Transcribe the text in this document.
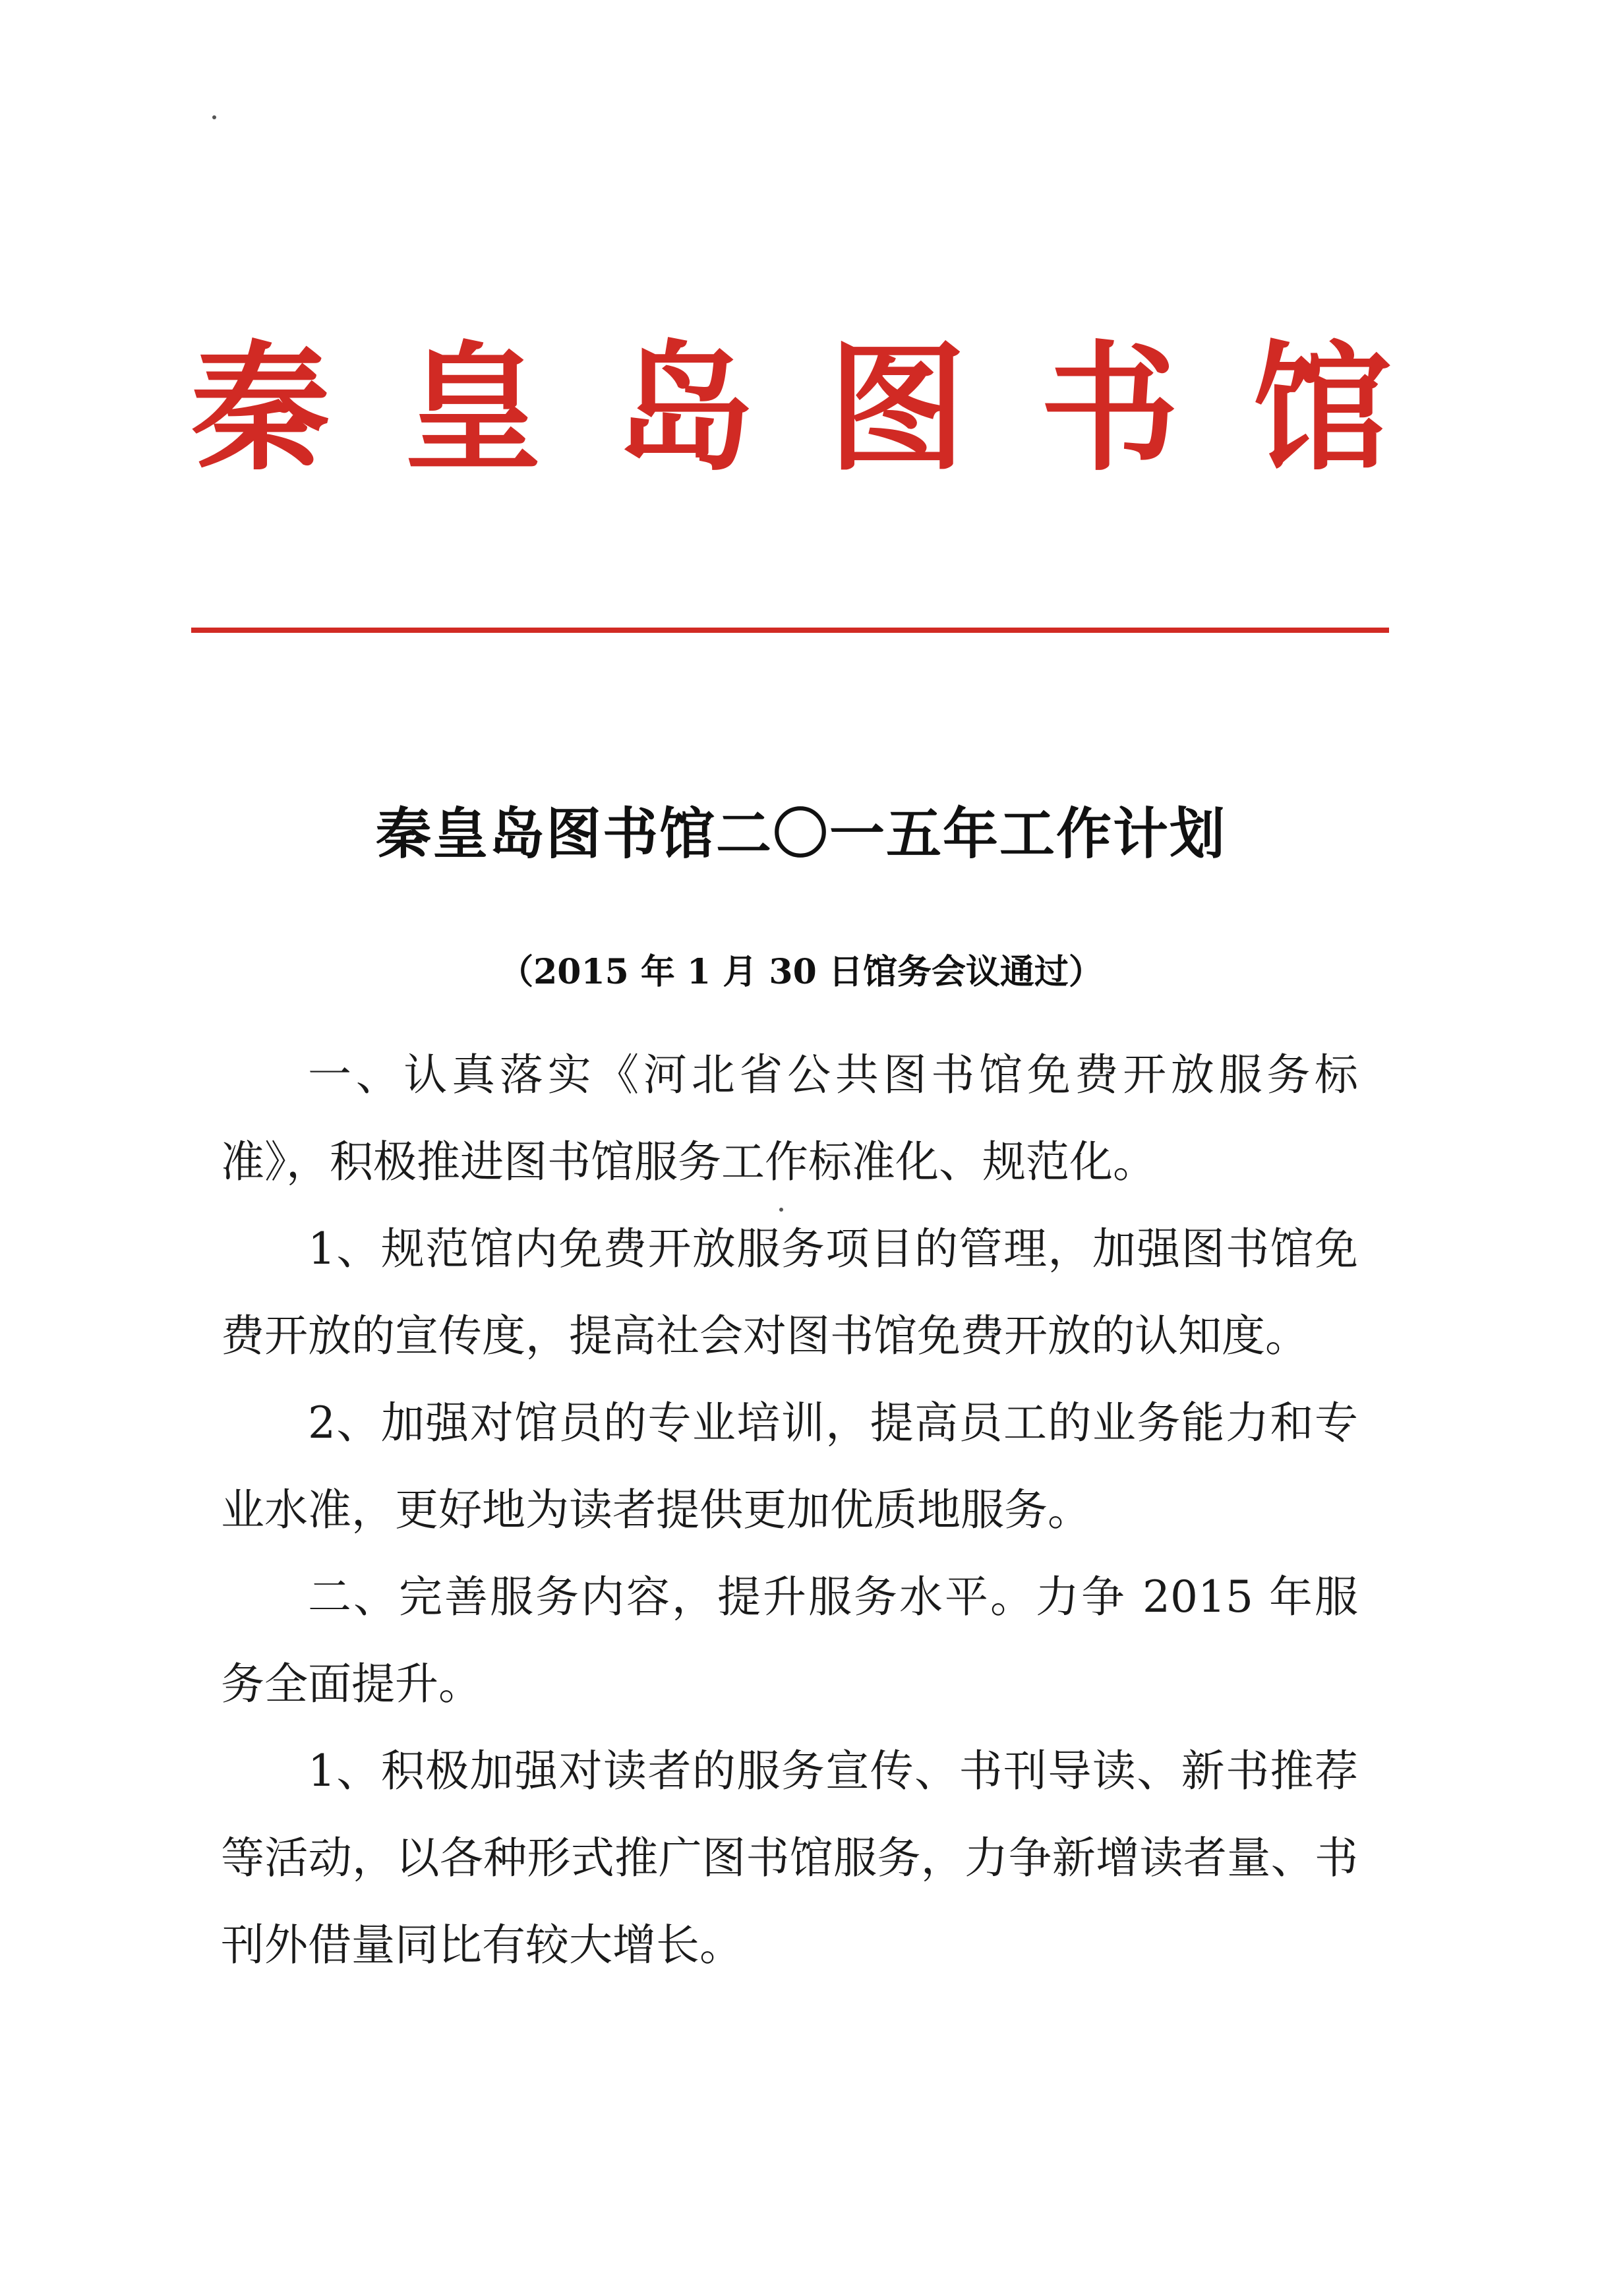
秦 皇 岛 图 书 馆
秦皇岛图书馆二〇一五年工作计划
（2015 年 1 月 30 日馆务会议通过）

一、认真落实《河北省公共图书馆免费开放服务标准》，积极推进图书馆服务工作标准化、规范化。

1、规范馆内免费开放服务项目的管理，加强图书馆免费开放的宣传度，提高社会对图书馆免费开放的认知度。

2、加强对馆员的专业培训，提高员工的业务能力和专业水准，更好地为读者提供更加优质地服务。

二、完善服务内容，提升服务水平。力争 2015 年服务全面提升。

1、积极加强对读者的服务宣传、书刊导读、新书推荐等活动，以各种形式推广图书馆服务，力争新增读者量、书刊外借量同比有较大增长。
